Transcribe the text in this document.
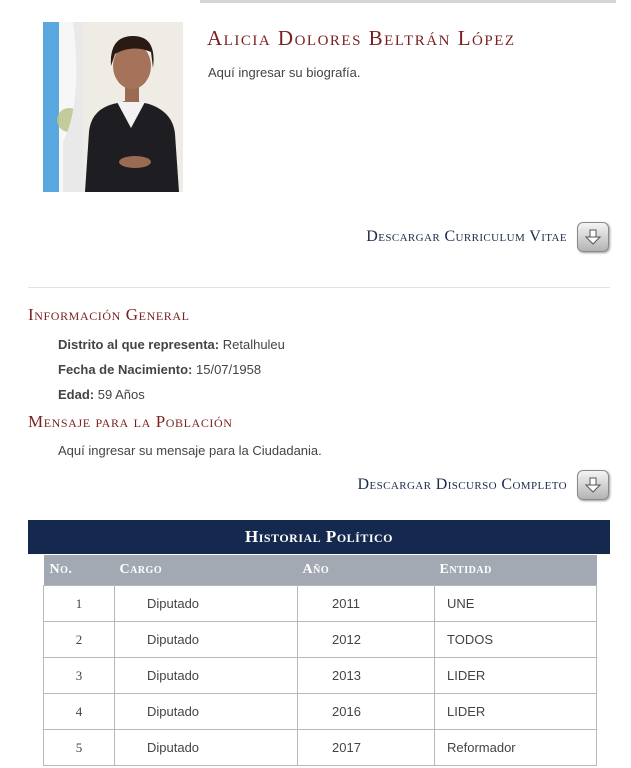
Alicia Dolores Beltrán López
Aquí ingresar su biografía.
Descargar Curriculum Vitae
Información General
Distrito al que representa: Retalhuleu
Fecha de Nacimiento: 15/07/1958
Edad: 59 Años
Mensaje para la Población
Aquí ingresar su mensaje para la Ciudadania.
Descargar Discurso Completo
Historial Político
No.	Cargo	Año	Entidad
1	Diputado	2011	UNE
2	Diputado	2012	TODOS
3	Diputado	2013	LIDER
4	Diputado	2016	LIDER
5	Diputado	2017	Reformador
